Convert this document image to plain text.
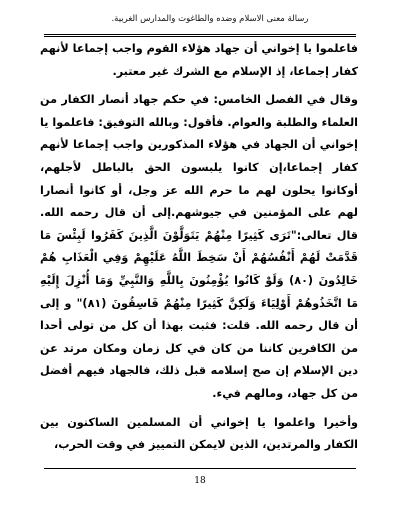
رسالة معنى الاسلام وضده والطاغوت والمدارس الغربية.

فاعلموا يا إخواني أن جهاد هؤلاء القوم واجب إجماعا لأنهم كفار إجماعا، إذ الإسلام مع الشرك غير معتبر.

وقال في الفصل الخامس: في حكم جهاد أنصار الكفار من العلماء والطلبة والعوام. فأقول: وبالله التوفيق: فاعلموا يا إخواني أن الجهاد في هؤلاء المذكورين واجب إجماعا لأنهم كفار إجماعا،إن كانوا يلبسون الحق بالباطل لأجلهم، أوكانوا يحلون لهم ما حرم الله عز وجل، أو كانوا أنصارا لهم على المؤمنين في جيوشهم.إلى أن قال رحمه الله. قال تعالى:"تَرَى كَثِيرًا مِنْهُمْ يَتَوَلَّوْنَ الَّذِينَ كَفَرُوا لَبِئْسَ مَا قَدَّمَتْ لَهُمْ أَنْفُسُهُمْ أَنْ سَخِطَ اللَّهُ عَلَيْهِمْ وَفِي الْعَذَابِ هُمْ خَالِدُونَ (٨٠) وَلَوْ كَانُوا يُؤْمِنُونَ بِاللَّهِ وَالنَّبِيِّ وَمَا أُنْزِلَ إِلَيْهِ مَا اتَّخَذُوهُمْ أَوْلِيَاءَ وَلَكِنَّ كَثِيرًا مِنْهُمْ فَاسِقُونَ (٨١)" و إلى أن قال رحمه الله. قلت: فثبت بهذا أن كل من تولى أحدا من الكافرين كاننا من كان في كل زمان ومكان مرتد عن دين الإسلام إن صح إسلامه قبل ذلك، فالجهاد فيهم أفضل من كل جهاد، ومالهم فيء.

وأخيرا واعلموا يا إخواني أن المسلمين الساكنون بين الكفار والمرتدين، الذين لايمكن التمييز في وقت الحرب،

18
